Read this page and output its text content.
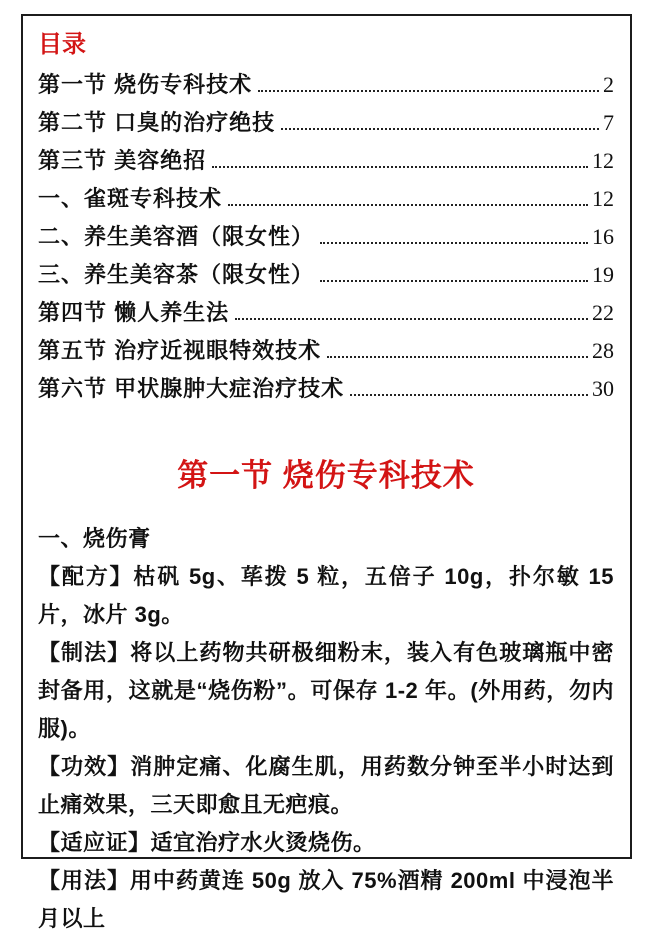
目录
第一节 烧伤专科技术	2
第二节 口臭的治疗绝技	7
第三节 美容绝招	12
一、雀斑专科技术	12
二、养生美容酒（限女性）	16
三、养生美容茶（限女性）	19
第四节 懒人养生法	22
第五节 治疗近视眼特效技术	28
第六节 甲状腺肿大症治疗技术	30
第一节 烧伤专科技术

一、烧伤膏

【配方】枯矾 5g、荜拨 5 粒，五倍子 10g，扑尔敏 15 片，冰片 3g。

【制法】将以上药物共研极细粉末，装入有色玻璃瓶中密封备用，这就是“烧伤粉”。可保存 1-2 年。(外用药，勿内服)。

【功效】消肿定痛、化腐生肌，用药数分钟至半小时达到止痛效果，三天即愈且无疤痕。

【适应证】适宜治疗水火烫烧伤。

【用法】用中药黄连 50g 放入 75%酒精 200ml 中浸泡半月以上
